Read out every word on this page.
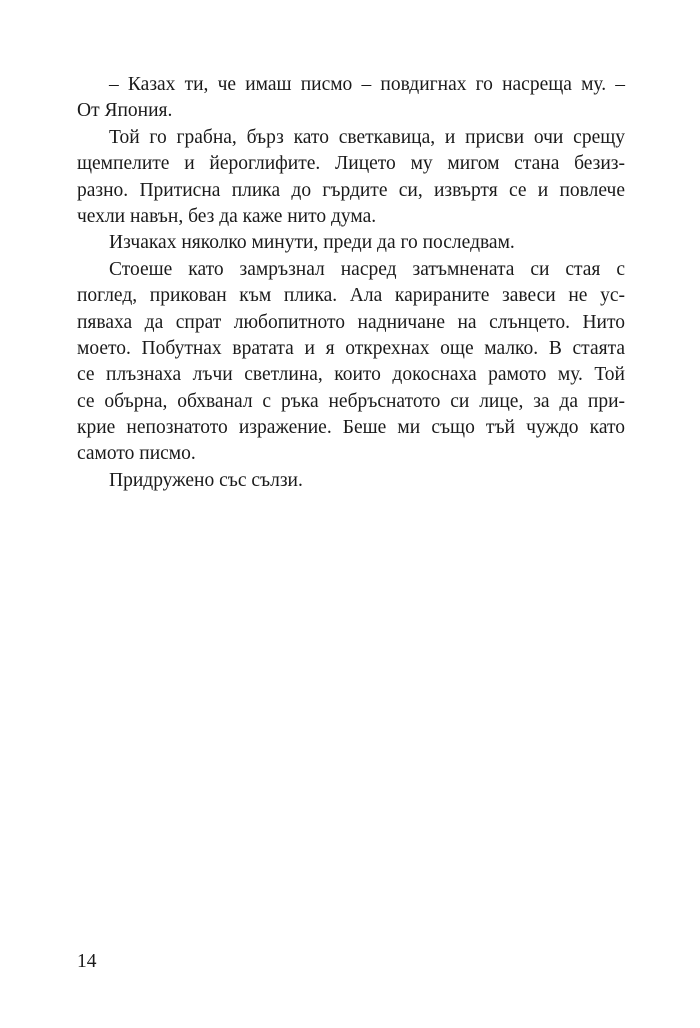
– Казах ти, че имаш писмо – повдигнах го насреща му. –
От Япония.
Той го грабна, бърз като светкавица, и присви очи срещу
щемпелите и йероглифите. Лицето му мигом стана безиз-
разно. Притисна плика до гърдите си, извъртя се и повлече
чехли навън, без да каже нито дума.
Изчаках няколко минути, преди да го последвам.
Стоеше като замръзнал насред затъмнената си стая с
поглед, прикован към плика. Ала карираните завеси не ус-
пяваха да спрат любопитното надничане на слънцето. Нито
моето. Побутнах вратата и я открехнах още малко. В стаята
се плъзнаха лъчи светлина, които докоснаха рамото му. Той
се обърна, обхванал с ръка небръснатото си лице, за да при-
крие непознатото изражение. Беше ми също тъй чуждо като
самото писмо.
Придружено със сълзи.
14
